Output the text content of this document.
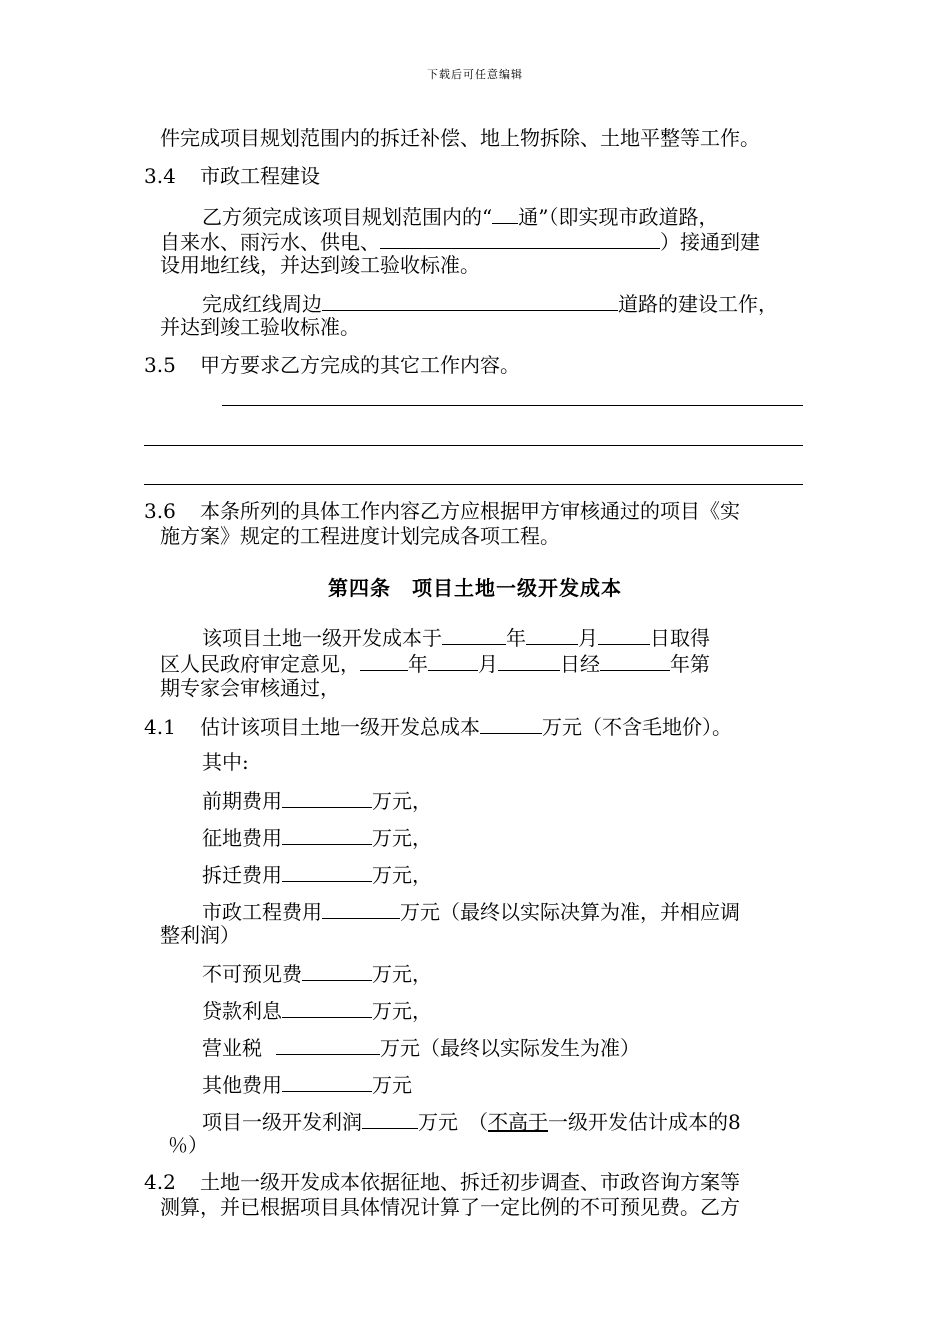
下载后可任意编辑
件完成项目规划范围内的拆迁补偿、地上物拆除、土地平整等工作。
3.4 市政工程建设
乙方须完成该项目规划范围内的“ 通”（即实现市政道路，
自来水、雨污水、供电、	）接通到建
设用地红线，并达到竣工验收标准。
完成红线周边	道路的建设工作，
并达到竣工验收标准。
3.5 甲方要求乙方完成的其它工作内容。
3.6 本条所列的具体工作内容乙方应根据甲方审核通过的项目《实
施方案》规定的工程进度计划完成各项工程。
第四条　项目土地一级开发成本
该项目土地一级开发成本于	年	月	日取得
区人民政府审定意见， 年	月	日经	年第
期专家会审核通过，
4.1 估计该项目土地一级开发总成本	万元（不含毛地价）。
其中:
前期费用	万元，
征地费用	万元，
拆迁费用	万元，
市政工程费用	万元（最终以实际决算为准，并相应调
整利润）
不可预见费	万元，
贷款利息	万元，
营业税	万元（最终以实际发生为准）
其他费用	万元
项目一级开发利润	万元　（不高于一级开发估计成本的8
％）
4.2 土地一级开发成本依据征地、拆迁初步调查、市政咨询方案等
测算，并已根据项目具体情况计算了一定比例的不可预见费。乙方
